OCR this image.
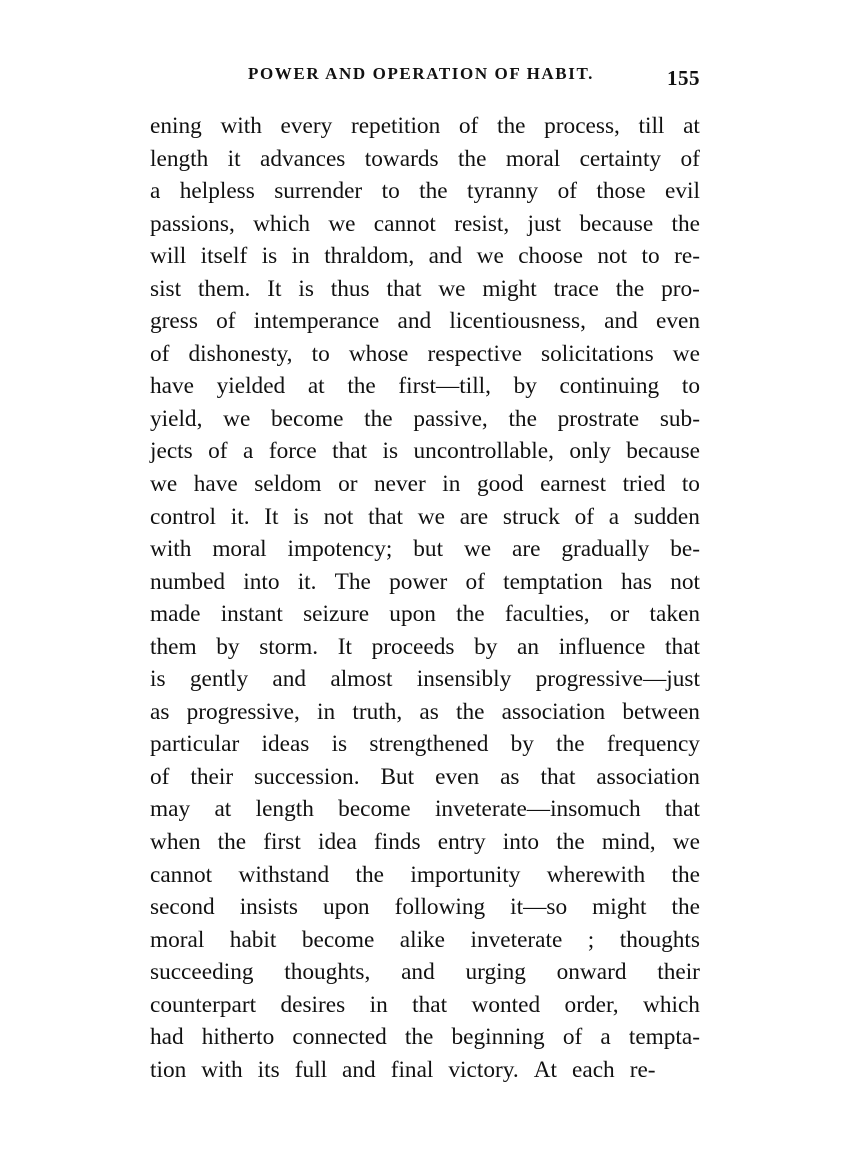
POWER AND OPERATION OF HABIT.	155
ening with every repetition of the process, till at
length it advances towards the moral certainty of
a helpless surrender to the tyranny of those evil
passions, which we cannot resist, just because the
will itself is in thraldom, and we choose not to re-
sist them. It is thus that we might trace the pro-
gress of intemperance and licentiousness, and even
of dishonesty, to whose respective solicitations we
have yielded at the first—till, by continuing to
yield, we become the passive, the prostrate sub-
jects of a force that is uncontrollable, only because
we have seldom or never in good earnest tried to
control it. It is not that we are struck of a sudden
with moral impotency; but we are gradually be-
numbed into it. The power of temptation has not
made instant seizure upon the faculties, or taken
them by storm. It proceeds by an influence that
is gently and almost insensibly progressive—just
as progressive, in truth, as the association between
particular ideas is strengthened by the frequency
of their succession. But even as that association
may at length become inveterate—insomuch that
when the first idea finds entry into the mind, we
cannot withstand the importunity wherewith the
second insists upon following it—so might the
moral habit become alike inveterate ; thoughts
succeeding thoughts, and urging onward their
counterpart desires in that wonted order, which
had hitherto connected the beginning of a tempta-
tion with its full and final victory. At each re-
